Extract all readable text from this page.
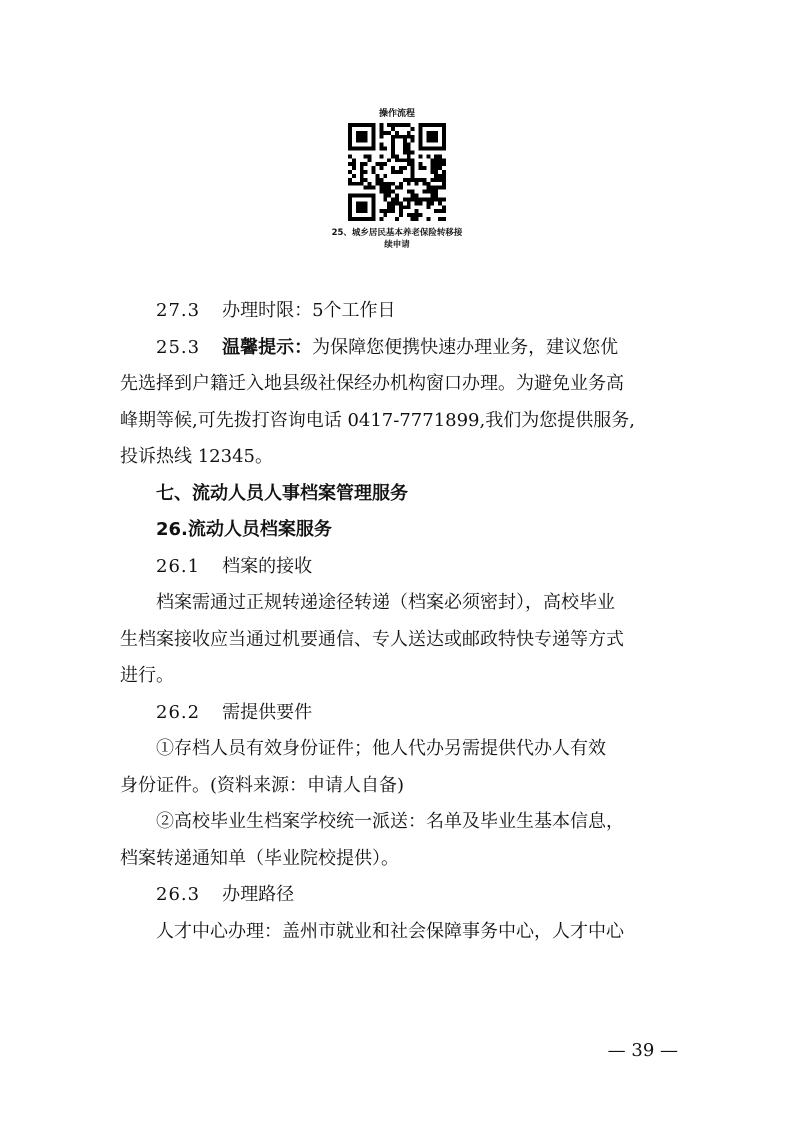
操作流程
25、城乡居民基本养老保险转移接
续申请

27.3 办理时限：5个工作日

25.3 温馨提示：为保障您便携快速办理业务，建议您优

先选择到户籍迁入地县级社保经办机构窗口办理。为避免业务高

峰期等候,可先拨打咨询电话 0417-7771899,我们为您提供服务,

投诉热线 12345。

七、流动人员人事档案管理服务

26.流动人员档案服务

26.1 档案的接收

档案需通过正规转递途径转递（档案必须密封），高校毕业

生档案接收应当通过机要通信、专人送达或邮政特快专递等方式

进行。

26.2 需提供要件

①存档人员有效身份证件；他人代办另需提供代办人有效

身份证件。(资料来源：申请人自备)

②高校毕业生档案学校统一派送：名单及毕业生基本信息，

档案转递通知单（毕业院校提供）。

26.3 办理路径

人才中心办理：盖州市就业和社会保障事务中心，人才中心

— 39 —
